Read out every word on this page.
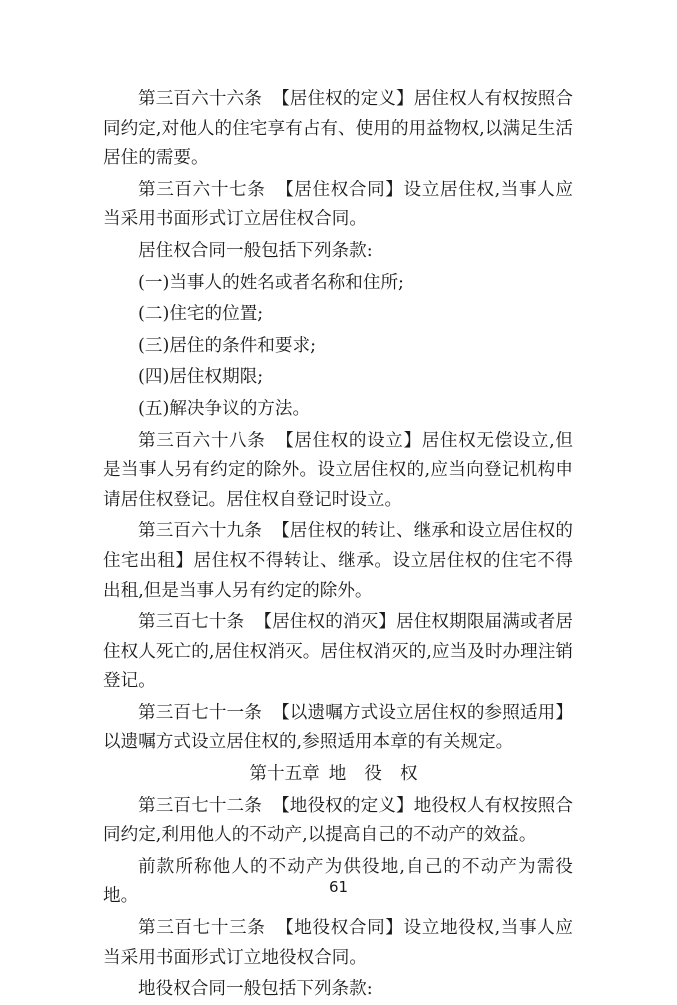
第三百六十六条 【居住权的定义】居住权人有权按照合同约定,对他人的住宅享有占有、使用的用益物权,以满足生活居住的需要。

第三百六十七条 【居住权合同】设立居住权,当事人应当采用书面形式订立居住权合同。

居住权合同一般包括下列条款:

(一)当事人的姓名或者名称和住所;

(二)住宅的位置;

(三)居住的条件和要求;

(四)居住权期限;

(五)解决争议的方法。

第三百六十八条 【居住权的设立】居住权无偿设立,但是当事人另有约定的除外。设立居住权的,应当向登记机构申请居住权登记。居住权自登记时设立。

第三百六十九条 【居住权的转让、继承和设立居住权的住宅出租】居住权不得转让、继承。设立居住权的住宅不得出租,但是当事人另有约定的除外。

第三百七十条 【居住权的消灭】居住权期限届满或者居住权人死亡的,居住权消灭。居住权消灭的,应当及时办理注销登记。

第三百七十一条 【以遗嘱方式设立居住权的参照适用】以遗嘱方式设立居住权的,参照适用本章的有关规定。

第十五章 地 役 权

第三百七十二条 【地役权的定义】地役权人有权按照合同约定,利用他人的不动产,以提高自己的不动产的效益。

前款所称他人的不动产为供役地,自己的不动产为需役地。

第三百七十三条 【地役权合同】设立地役权,当事人应当采用书面形式订立地役权合同。

地役权合同一般包括下列条款:

61
